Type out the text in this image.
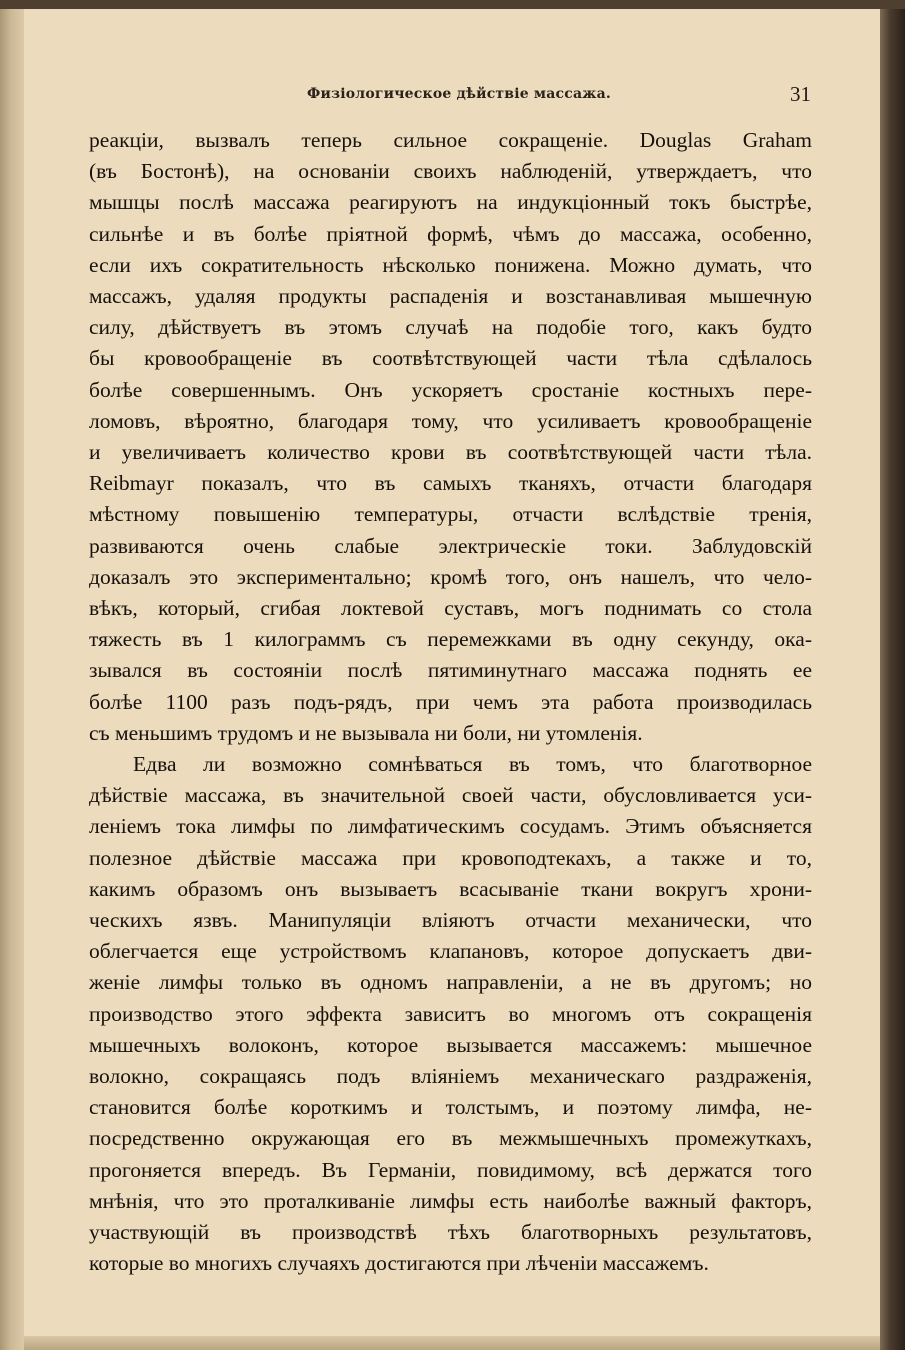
Физiологическое дѣйствiе массажа.	31
реакцiи, вызвалъ теперь сильное сокращенiе. Douglas Graham
(въ Бостонѣ), на основанiи своихъ наблюденiй, утверждаетъ, что
мышцы послѣ массажа реагируютъ на индукцiонный токъ быстрѣе,
сильнѣе и въ болѣе прiятной формѣ, чѣмъ до массажа, особенно,
если ихъ сократительность нѣсколько понижена. Можно думать, что
массажъ, удаляя продукты распаденiя и возстанавливая мышечную
силу, дѣйствуетъ въ этомъ случаѣ на подобiе того, какъ будто
бы кровообращенiе въ соотвѣтствующей части тѣла сдѣлалось
болѣе совершеннымъ. Онъ ускоряетъ сростанiе костныхъ пере-
ломовъ, вѣроятно, благодаря тому, что усиливаетъ кровообращенiе
и увеличиваетъ количество крови въ соотвѣтствующей части тѣла.
Reibmayr показалъ, что въ самыхъ тканяхъ, отчасти благодаря
мѣстному повышенiю температуры, отчасти вслѣдствiе тренiя,
развиваются очень слабые электрическiе токи. Заблудовскiй
доказалъ это экспериментально; кромѣ того, онъ нашелъ, что чело-
вѣкъ, который, сгибая локтевой суставъ, могъ поднимать со стола
тяжесть въ 1 килограммъ съ перемежками въ одну секунду, ока-
зывался въ состоянiи послѣ пятиминутнаго массажа поднять ее
болѣе 1100 разъ подъ-рядъ, при чемъ эта работа производилась
съ меньшимъ трудомъ и не вызывала ни боли, ни утомленiя.
Едва ли возможно сомнѣваться въ томъ, что благотворное
дѣйствiе массажа, въ значительной своей части, обусловливается уси-
ленiемъ тока лимфы по лимфатическимъ сосудамъ. Этимъ объясняется
полезное дѣйствiе массажа при кровоподтекахъ, а также и то,
какимъ образомъ онъ вызываетъ всасыванiе ткани вокругъ хрони-
ческихъ язвъ. Манипуляцiи влiяютъ отчасти механически, что
облегчается еще устройствомъ клапановъ, которое допускаетъ дви-
женiе лимфы только въ одномъ направленiи, а не въ другомъ; но
производство этого эффекта зависитъ во многомъ отъ сокращенiя
мышечныхъ волоконъ, которое вызывается массажемъ: мышечное
волокно, сокращаясь подъ влiянiемъ механическаго раздраженiя,
становится болѣе короткимъ и толстымъ, и поэтому лимфа, не-
посредственно окружающая его въ межмышечныхъ промежуткахъ,
прогоняется впередъ. Въ Германiи, повидимому, всѣ держатся того
мнѣнiя, что это проталкиванiе лимфы есть наиболѣе важный факторъ,
участвующiй въ производствѣ тѣхъ благотворныхъ результатовъ,
которые во многихъ случаяхъ достигаются при лѣченiи массажемъ.
